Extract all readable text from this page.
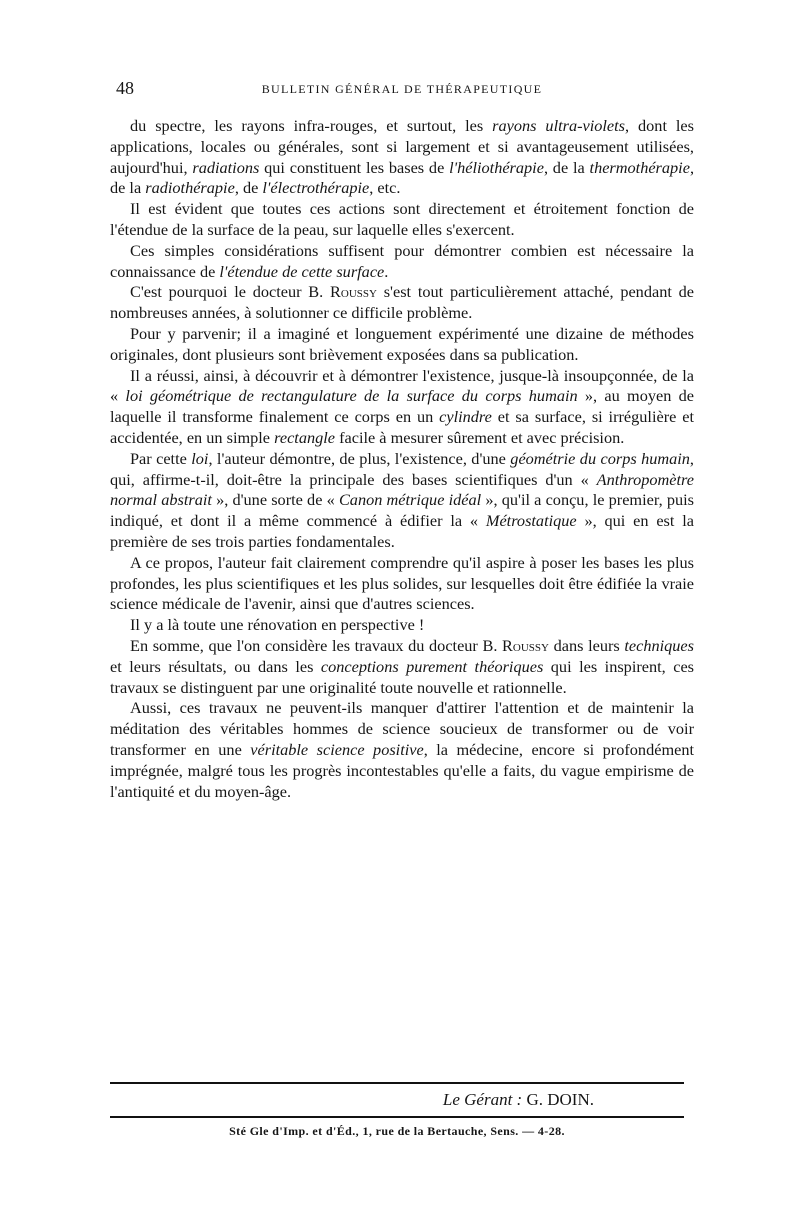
48	BULLETIN GÉNÉRAL DE THÉRAPEUTIQUE

du spectre, les rayons infra-rouges, et surtout, les rayons ultra-violets, dont les applications, locales ou générales, sont si largement et si avantageusement utilisées, aujourd'hui, radiations qui constituent les bases de l'héliothérapie, de la thermothérapie, de la radiothérapie, de l'électrothérapie, etc.

Il est évident que toutes ces actions sont directement et étroitement fonction de l'étendue de la surface de la peau, sur laquelle elles s'exercent.

Ces simples considérations suffisent pour démontrer combien est nécessaire la connaissance de l'étendue de cette surface.

C'est pourquoi le docteur B. Roussy s'est tout particulièrement attaché, pendant de nombreuses années, à solutionner ce difficile problème.

Pour y parvenir; il a imaginé et longuement expérimenté une dizaine de méthodes originales, dont plusieurs sont brièvement exposées dans sa publication.

Il a réussi, ainsi, à découvrir et à démontrer l'existence, jusque-là insoupçonnée, de la « loi géométrique de rectangulature de la surface du corps humain », au moyen de laquelle il transforme finalement ce corps en un cylindre et sa surface, si irrégulière et accidentée, en un simple rectangle facile à mesurer sûrement et avec précision.

Par cette loi, l'auteur démontre, de plus, l'existence, d'une géométrie du corps humain, qui, affirme-t-il, doit-être la principale des bases scientifiques d'un « Anthropomètre normal abstrait », d'une sorte de « Canon métrique idéal », qu'il a conçu, le premier, puis indiqué, et dont il a même commencé à édifier la « Métrostatique », qui en est la première de ses trois parties fondamentales.

A ce propos, l'auteur fait clairement comprendre qu'il aspire à poser les bases les plus profondes, les plus scientifiques et les plus solides, sur lesquelles doit être édifiée la vraie science médicale de l'avenir, ainsi que d'autres sciences.

Il y a là toute une rénovation en perspective !

En somme, que l'on considère les travaux du docteur B. Roussy dans leurs techniques et leurs résultats, ou dans les conceptions purement théoriques qui les inspirent, ces travaux se distinguent par une originalité toute nouvelle et rationnelle.

Aussi, ces travaux ne peuvent-ils manquer d'attirer l'attention et de maintenir la méditation des véritables hommes de science soucieux de transformer ou de voir transformer en une véritable science positive, la médecine, encore si profondément imprégnée, malgré tous les progrès incontestables qu'elle a faits, du vague empirisme de l'antiquité et du moyen-âge.

Le Gérant : G. DOIN.
Sté Gle d'Imp. et d'Éd., 1, rue de la Bertauche, Sens. — 4-28.
